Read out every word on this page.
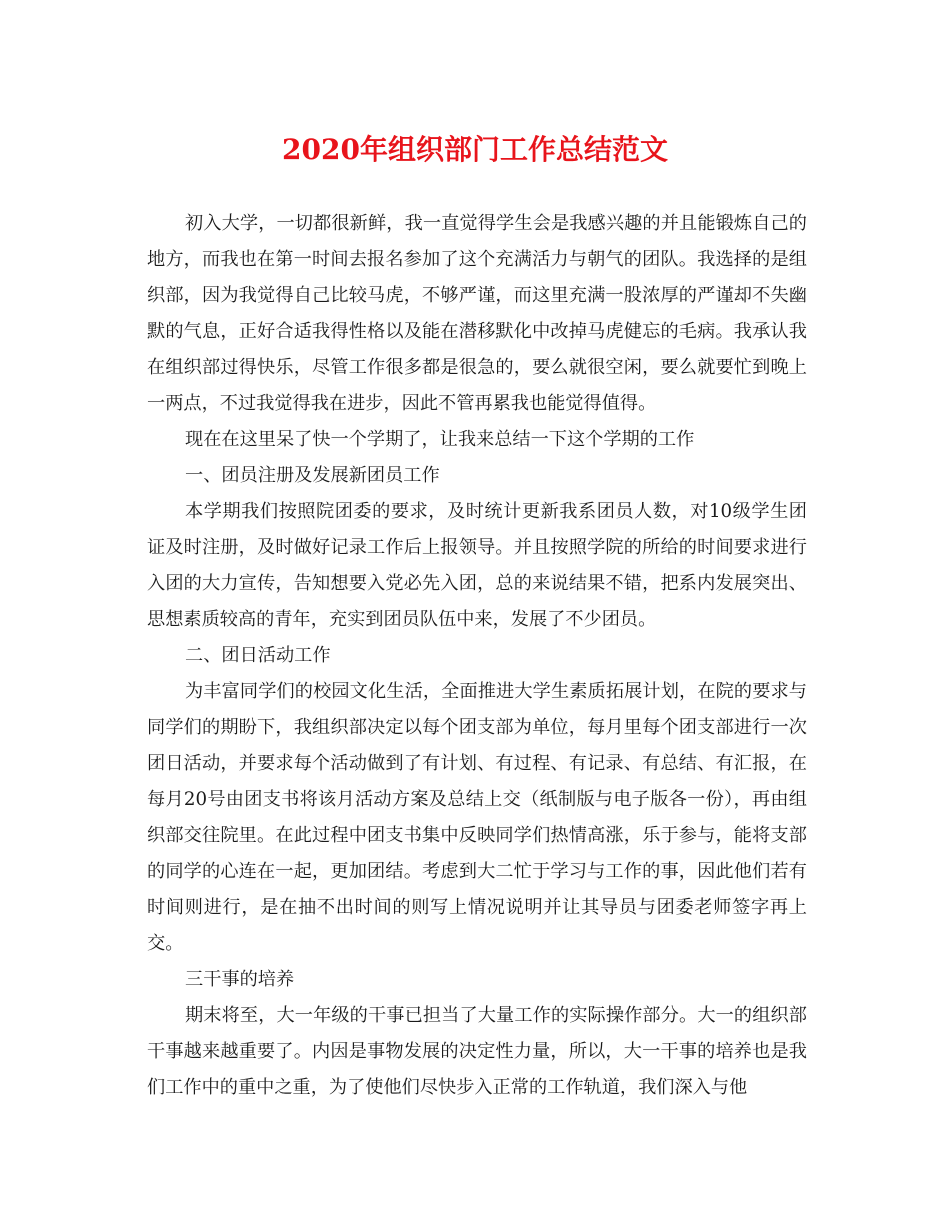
2020年组织部门工作总结范文

初入大学，一切都很新鲜，我一直觉得学生会是我感兴趣的并且能锻炼自己的地方，而我也在第一时间去报名参加了这个充满活力与朝气的团队。我选择的是组织部，因为我觉得自己比较马虎，不够严谨，而这里充满一股浓厚的严谨却不失幽默的气息，正好合适我得性格以及能在潜移默化中改掉马虎健忘的毛病。我承认我在组织部过得快乐，尽管工作很多都是很急的，要么就很空闲，要么就要忙到晚上一两点，不过我觉得我在进步，因此不管再累我也能觉得值得。

现在在这里呆了快一个学期了，让我来总结一下这个学期的工作

一、团员注册及发展新团员工作

本学期我们按照院团委的要求，及时统计更新我系团员人数，对10级学生团证及时注册，及时做好记录工作后上报领导。并且按照学院的所给的时间要求进行入团的大力宣传，告知想要入党必先入团，总的来说结果不错，把系内发展突出、思想素质较高的青年，充实到团员队伍中来，发展了不少团员。

二、团日活动工作

为丰富同学们的校园文化生活，全面推进大学生素质拓展计划，在院的要求与同学们的期盼下，我组织部决定以每个团支部为单位，每月里每个团支部进行一次团日活动，并要求每个活动做到了有计划、有过程、有记录、有总结、有汇报，在每月20号由团支书将该月活动方案及总结上交（纸制版与电子版各一份），再由组织部交往院里。在此过程中团支书集中反映同学们热情高涨，乐于参与，能将支部的同学的心连在一起，更加团结。考虑到大二忙于学习与工作的事，因此他们若有时间则进行，是在抽不出时间的则写上情况说明并让其导员与团委老师签字再上交。

三干事的培养

期末将至，大一年级的干事已担当了大量工作的实际操作部分。大一的组织部干事越来越重要了。内因是事物发展的决定性力量，所以，大一干事的培养也是我们工作中的重中之重，为了使他们尽快步入正常的工作轨道，我们深入与他
